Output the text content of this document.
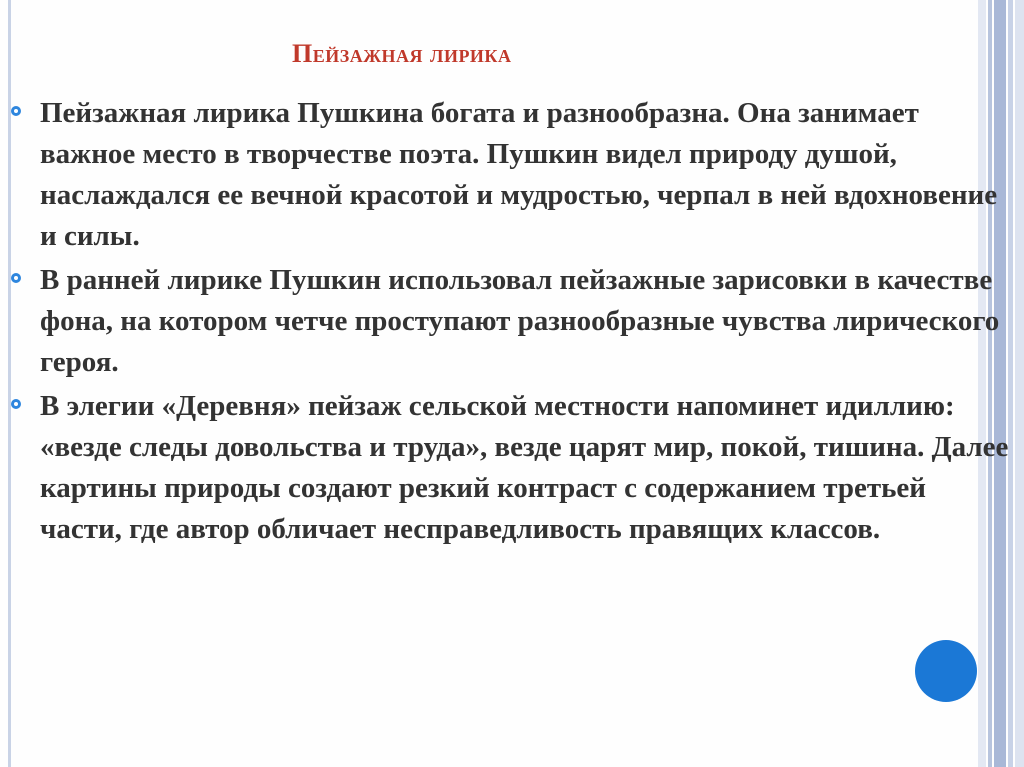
Пейзажная лирика
Пейзажная лирика Пушкина богата и разнообразна. Она занимает важное место в творчестве поэта. Пушкин видел природу душой, наслаждался ее вечной красотой и мудростью, черпал в ней вдохновение и силы.
В ранней лирике Пушкин использовал пейзажные зарисовки в качестве фона, на котором четче проступают разнообразные чувства лирического героя.
В элегии «Деревня» пейзаж сельской местности напоминет идиллию: «везде следы довольства и труда», везде царят мир, покой, тишина. Далее картины природы создают резкий контраст с содержанием третьей части, где автор обличает несправедливость правящих классов.
